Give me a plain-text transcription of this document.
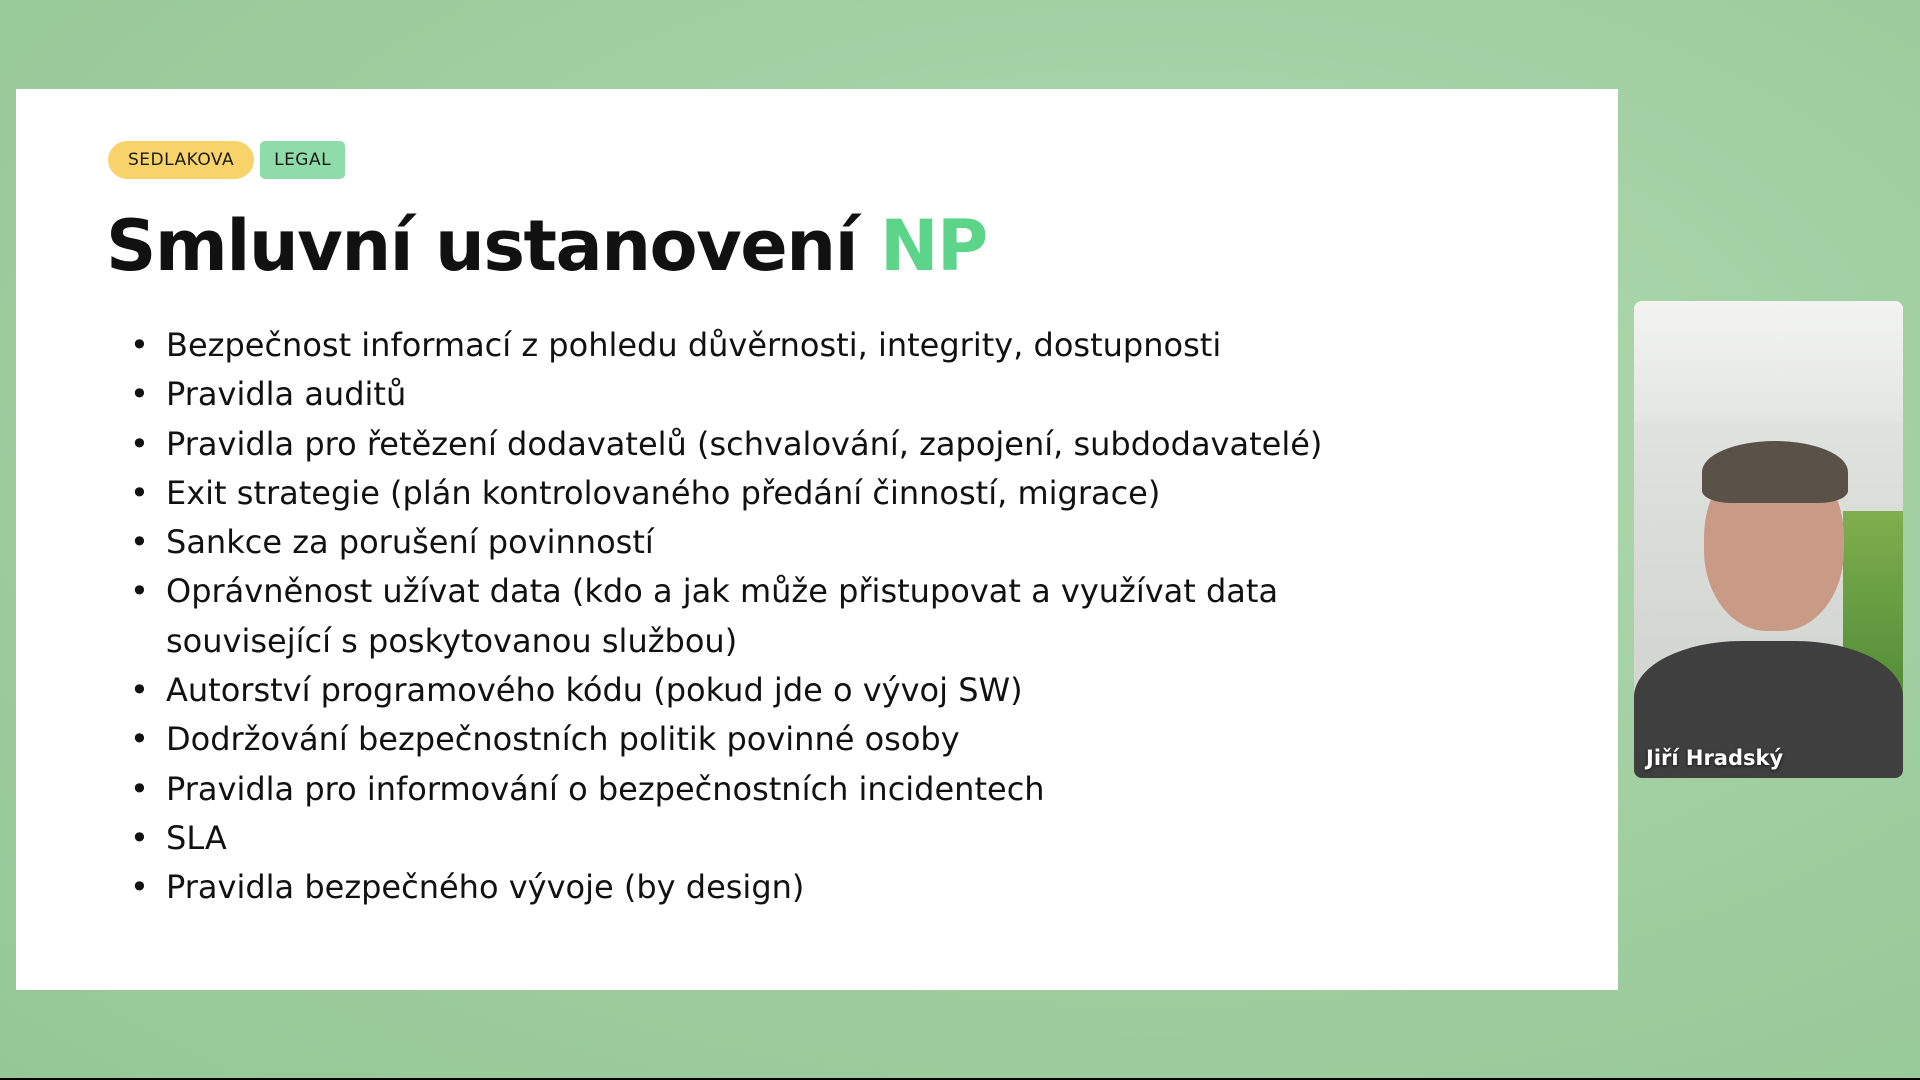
SEDLAKOVA	LEGAL
Smluvní ustanovení NP
• Bezpečnost informací z pohledu důvěrnosti, integrity, dostupnosti
• Pravidla auditů
• Pravidla pro řetězení dodavatelů (schvalování, zapojení, subdodavatelé)
• Exit strategie (plán kontrolovaného předání činností, migrace)
• Sankce za porušení povinností
• Oprávněnost užívat data (kdo a jak může přistupovat a využívat data související s poskytovanou službou)
• Autorství programového kódu (pokud jde o vývoj SW)
• Dodržování bezpečnostních politik povinné osoby
• Pravidla pro informování o bezpečnostních incidentech
• SLA
• Pravidla bezpečného vývoje (by design)
Jiří Hradský
